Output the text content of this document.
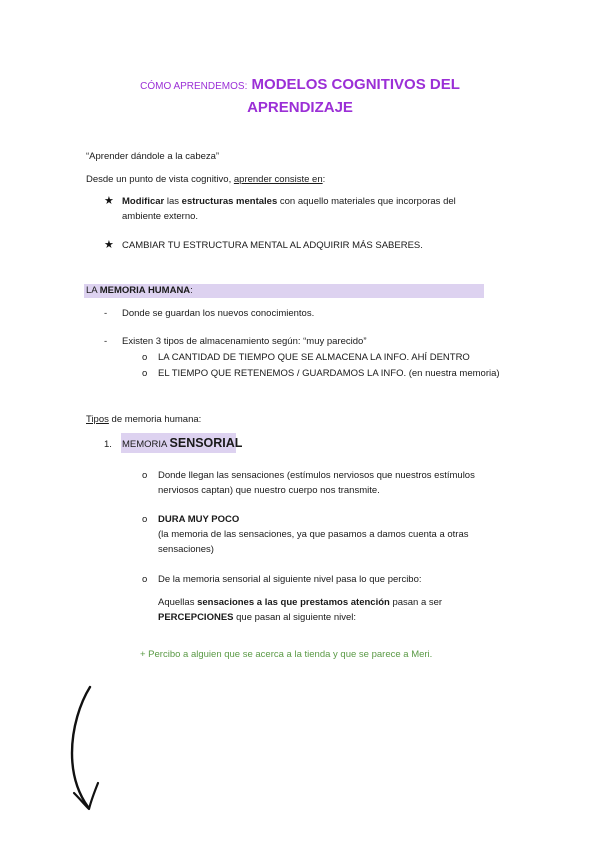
CÓMO APRENDEMOS: MODELOS COGNITIVOS DEL
APRENDIZAJE
“Aprender dándole a la cabeza”
Desde un punto de vista cognitivo, aprender consiste en:
★ Modificar las estructuras mentales con aquello materiales que incorporas del
ambiente externo.
★ CAMBIAR TU ESTRUCTURA MENTAL AL ADQUIRIR MÁS SABERES.
LA MEMORIA HUMANA:
- Donde se guardan los nuevos conocimientos.
- Existen 3 tipos de almacenamiento según: “muy parecido”
o LA CANTIDAD DE TIEMPO QUE SE ALMACENA LA INFO. AHÍ DENTRO
o EL TIEMPO QUE RETENEMOS / GUARDAMOS LA INFO. (en nuestra memoria)
Tipos de memoria humana:
1. MEMORIA SENSORIAL
o Donde llegan las sensaciones (estímulos nerviosos que nuestros estímulos
nerviosos captan) que nuestro cuerpo nos transmite.
o DURA MUY POCO
(la memoria de las sensaciones, ya que pasamos a damos cuenta a otras
sensaciones)
o De la memoria sensorial al siguiente nivel pasa lo que percibo:
Aquellas sensaciones a las que prestamos atención pasan a ser
PERCEPCIONES que pasan al siguiente nivel:
+ Percibo a alguien que se acerca a la tienda y que se parece a Meri.
